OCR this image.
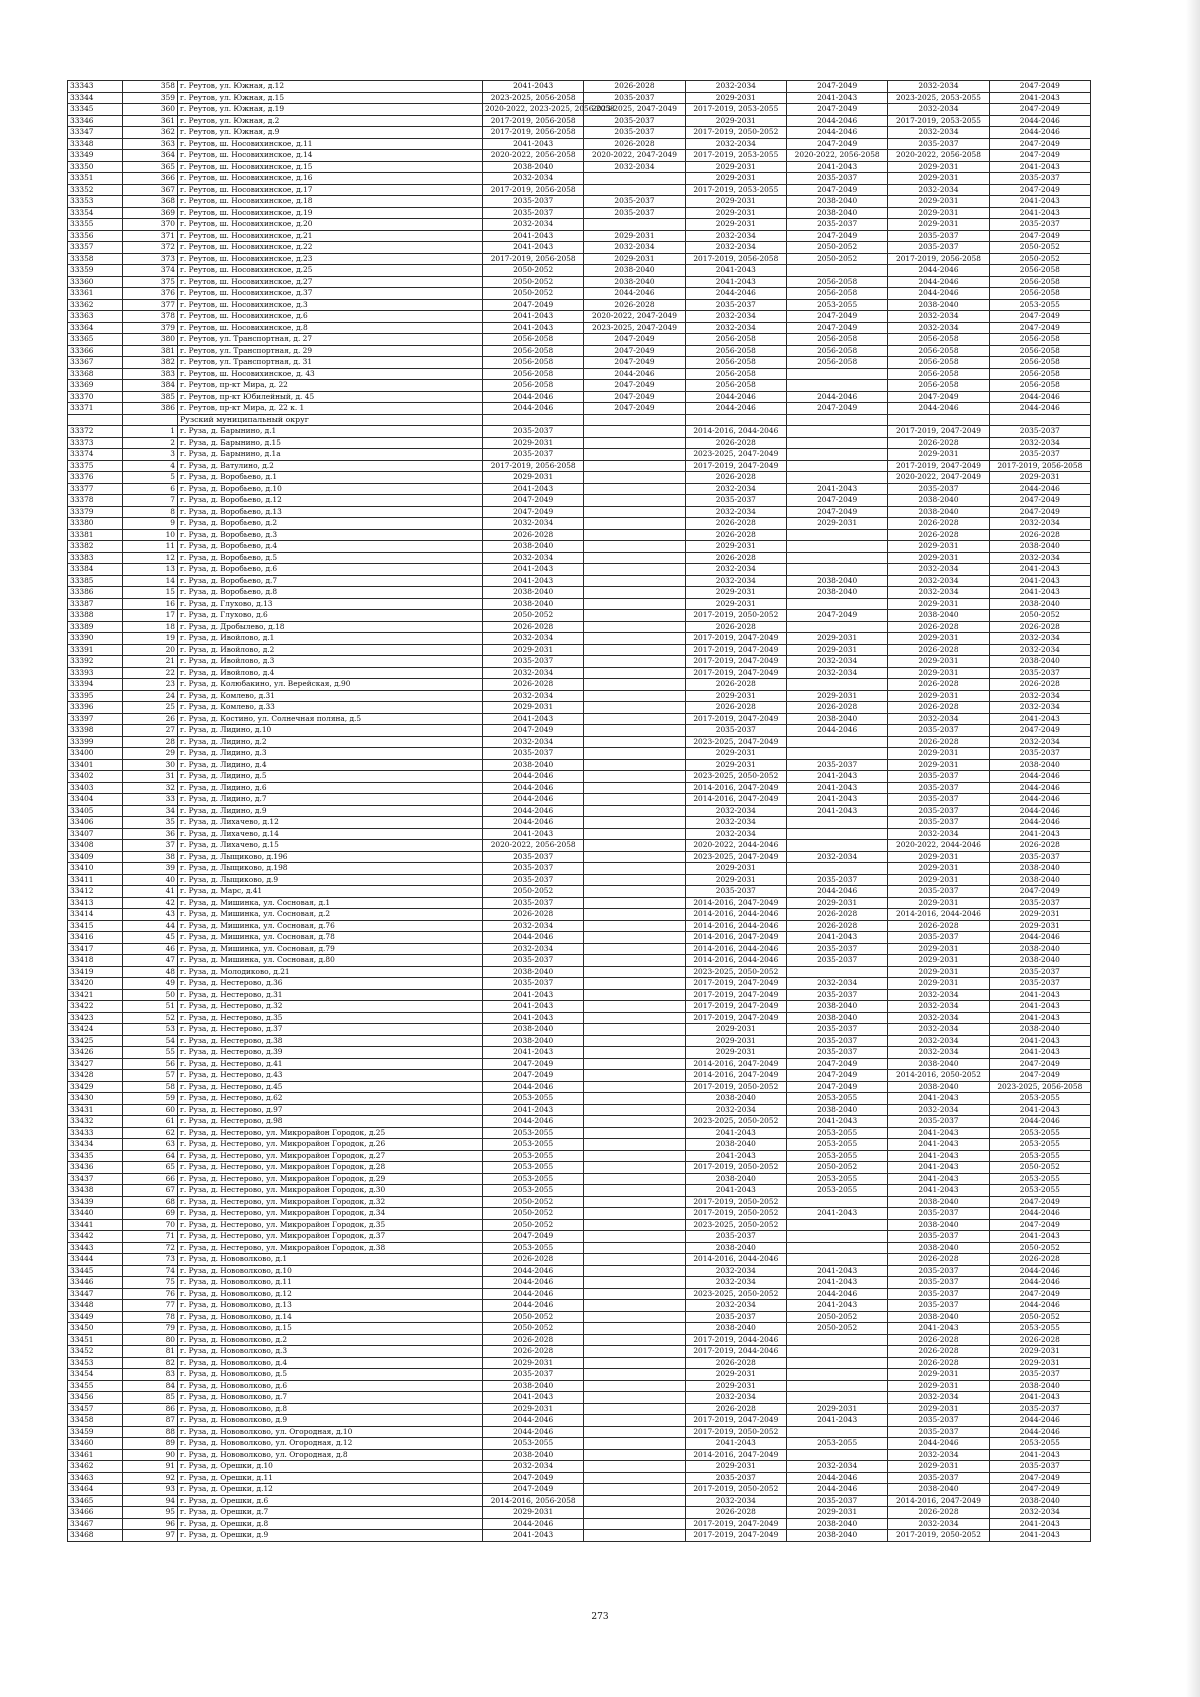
33343	358	г. Реутов, ул. Южная, д.12	2041-2043	2026-2028	2032-2034	2047-2049	2032-2034	2047-2049
33344	359	г. Реутов, ул. Южная, д.15	2023-2025, 2056-2058	2035-2037	2029-2031	2041-2043	2023-2025, 2053-2055	2041-2043
33345	360	г. Реутов, ул. Южная, д.19	2020-2022, 2023-2025, 2056-2058	2023-2025, 2047-2049	2017-2019, 2053-2055	2047-2049	2032-2034	2047-2049
33346	361	г. Реутов, ул. Южная, д.2	2017-2019, 2056-2058	2035-2037	2029-2031	2044-2046	2017-2019, 2053-2055	2044-2046
33347	362	г. Реутов, ул. Южная, д.9	2017-2019, 2056-2058	2035-2037	2017-2019, 2050-2052	2044-2046	2032-2034	2044-2046
33348	363	г. Реутов, ш. Носовихинское, д.11	2041-2043	2026-2028	2032-2034	2047-2049	2035-2037	2047-2049
33349	364	г. Реутов, ш. Носовихинское, д.14	2020-2022, 2056-2058	2020-2022, 2047-2049	2017-2019, 2053-2055	2020-2022, 2056-2058	2020-2022, 2056-2058	2047-2049
33350	365	г. Реутов, ш. Носовихинское, д.15	2038-2040	2032-2034	2029-2031	2041-2043	2029-2031	2041-2043
33351	366	г. Реутов, ш. Носовихинское, д.16	2032-2034		2029-2031	2035-2037	2029-2031	2035-2037
33352	367	г. Реутов, ш. Носовихинское, д.17	2017-2019, 2056-2058		2017-2019, 2053-2055	2047-2049	2032-2034	2047-2049
33353	368	г. Реутов, ш. Носовихинское, д.18	2035-2037	2035-2037	2029-2031	2038-2040	2029-2031	2041-2043
33354	369	г. Реутов, ш. Носовихинское, д.19	2035-2037	2035-2037	2029-2031	2038-2040	2029-2031	2041-2043
33355	370	г. Реутов, ш. Носовихинское, д.20	2032-2034		2029-2031	2035-2037	2029-2031	2035-2037
33356	371	г. Реутов, ш. Носовихинское, д.21	2041-2043	2029-2031	2032-2034	2047-2049	2035-2037	2047-2049
33357	372	г. Реутов, ш. Носовихинское, д.22	2041-2043	2032-2034	2032-2034	2050-2052	2035-2037	2050-2052
33358	373	г. Реутов, ш. Носовихинское, д.23	2017-2019, 2056-2058	2029-2031	2017-2019, 2056-2058	2050-2052	2017-2019, 2056-2058	2050-2052
33359	374	г. Реутов, ш. Носовихинское, д.25	2050-2052	2038-2040	2041-2043		2044-2046	2056-2058
33360	375	г. Реутов, ш. Носовихинское, д.27	2050-2052	2038-2040	2041-2043	2056-2058	2044-2046	2056-2058
33361	376	г. Реутов, ш. Носовихинское, д.37	2050-2052	2044-2046	2044-2046	2056-2058	2044-2046	2056-2058
33362	377	г. Реутов, ш. Носовихинское, д.3	2047-2049	2026-2028	2035-2037	2053-2055	2038-2040	2053-2055
33363	378	г. Реутов, ш. Носовихинское, д.6	2041-2043	2020-2022, 2047-2049	2032-2034	2047-2049	2032-2034	2047-2049
33364	379	г. Реутов, ш. Носовихинское, д.8	2041-2043	2023-2025, 2047-2049	2032-2034	2047-2049	2032-2034	2047-2049
33365	380	г. Реутов, ул. Транспортная, д. 27	2056-2058	2047-2049	2056-2058	2056-2058	2056-2058	2056-2058
33366	381	г. Реутов, ул. Транспортная, д. 29	2056-2058	2047-2049	2056-2058	2056-2058	2056-2058	2056-2058
33367	382	г. Реутов, ул. Транспортная, д. 31	2056-2058	2047-2049	2056-2058	2056-2058	2056-2058	2056-2058
33368	383	г. Реутов, ш. Носовихинское, д. 43	2056-2058	2044-2046	2056-2058		2056-2058	2056-2058
33369	384	г. Реутов, пр-кт Мира, д. 22	2056-2058	2047-2049	2056-2058		2056-2058	2056-2058
33370	385	г. Реутов, пр-кт Юбилейный, д. 45	2044-2046	2047-2049	2044-2046	2044-2046	2047-2049	2044-2046
33371	386	г. Реутов, пр-кт Мира, д. 22 к. 1	2044-2046	2047-2049	2044-2046	2047-2049	2044-2046	2044-2046
		Рузский муниципальный округ						
33372	1	г. Руза, д. Барынино, д.1	2035-2037		2014-2016, 2044-2046		2017-2019, 2047-2049	2035-2037
33373	2	г. Руза, д. Барынино, д.15	2029-2031		2026-2028		2026-2028	2032-2034
33374	3	г. Руза, д. Барынино, д.1а	2035-2037		2023-2025, 2047-2049		2029-2031	2035-2037
33375	4	г. Руза, д. Ватулино, д.2	2017-2019, 2056-2058		2017-2019, 2047-2049		2017-2019, 2047-2049	2017-2019, 2056-2058
33376	5	г. Руза, д. Воробьево, д.1	2029-2031		2026-2028		2020-2022, 2047-2049	2029-2031
33377	6	г. Руза, д. Воробьево, д.10	2041-2043		2032-2034	2041-2043	2035-2037	2044-2046
33378	7	г. Руза, д. Воробьево, д.12	2047-2049		2035-2037	2047-2049	2038-2040	2047-2049
33379	8	г. Руза, д. Воробьево, д.13	2047-2049		2032-2034	2047-2049	2038-2040	2047-2049
33380	9	г. Руза, д. Воробьево, д.2	2032-2034		2026-2028	2029-2031	2026-2028	2032-2034
33381	10	г. Руза, д. Воробьево, д.3	2026-2028		2026-2028		2026-2028	2026-2028
33382	11	г. Руза, д. Воробьево, д.4	2038-2040		2029-2031		2029-2031	2038-2040
33383	12	г. Руза, д. Воробьево, д.5	2032-2034		2026-2028		2029-2031	2032-2034
33384	13	г. Руза, д. Воробьево, д.6	2041-2043		2032-2034		2032-2034	2041-2043
33385	14	г. Руза, д. Воробьево, д.7	2041-2043		2032-2034	2038-2040	2032-2034	2041-2043
33386	15	г. Руза, д. Воробьево, д.8	2038-2040		2029-2031	2038-2040	2032-2034	2041-2043
33387	16	г. Руза, д. Глухово, д.13	2038-2040		2029-2031		2029-2031	2038-2040
33388	17	г. Руза, д. Глухово, д.6	2050-2052		2017-2019, 2050-2052	2047-2049	2038-2040	2050-2052
33389	18	г. Руза, д. Дробылево, д.18	2026-2028		2026-2028		2026-2028	2026-2028
33390	19	г. Руза, д. Ивойлово, д.1	2032-2034		2017-2019, 2047-2049	2029-2031	2029-2031	2032-2034
33391	20	г. Руза, д. Ивойлово, д.2	2029-2031		2017-2019, 2047-2049	2029-2031	2026-2028	2032-2034
33392	21	г. Руза, д. Ивойлово, д.3	2035-2037		2017-2019, 2047-2049	2032-2034	2029-2031	2038-2040
33393	22	г. Руза, д. Ивойлово, д.4	2032-2034		2017-2019, 2047-2049	2032-2034	2029-2031	2035-2037
33394	23	г. Руза, д. Колюбакино, ул. Верейская, д.90	2026-2028		2026-2028		2026-2028	2026-2028
33395	24	г. Руза, д. Комлево, д.31	2032-2034		2029-2031	2029-2031	2029-2031	2032-2034
33396	25	г. Руза, д. Комлево, д.33	2029-2031		2026-2028	2026-2028	2026-2028	2032-2034
33397	26	г. Руза, д. Костино, ул. Солнечная поляна, д.5	2041-2043		2017-2019, 2047-2049	2038-2040	2032-2034	2041-2043
33398	27	г. Руза, д. Лидино, д.10	2047-2049		2035-2037	2044-2046	2035-2037	2047-2049
33399	28	г. Руза, д. Лидино, д.2	2032-2034		2023-2025, 2047-2049		2026-2028	2032-2034
33400	29	г. Руза, д. Лидино, д.3	2035-2037		2029-2031		2029-2031	2035-2037
33401	30	г. Руза, д. Лидино, д.4	2038-2040		2029-2031	2035-2037	2029-2031	2038-2040
33402	31	г. Руза, д. Лидино, д.5	2044-2046		2023-2025, 2050-2052	2041-2043	2035-2037	2044-2046
33403	32	г. Руза, д. Лидино, д.6	2044-2046		2014-2016, 2047-2049	2041-2043	2035-2037	2044-2046
33404	33	г. Руза, д. Лидино, д.7	2044-2046		2014-2016, 2047-2049	2041-2043	2035-2037	2044-2046
33405	34	г. Руза, д. Лидино, д.9	2044-2046		2032-2034	2041-2043	2035-2037	2044-2046
33406	35	г. Руза, д. Лихачево, д.12	2044-2046		2032-2034		2035-2037	2044-2046
33407	36	г. Руза, д. Лихачево, д.14	2041-2043		2032-2034		2032-2034	2041-2043
33408	37	г. Руза, д. Лихачево, д.15	2020-2022, 2056-2058		2020-2022, 2044-2046		2020-2022, 2044-2046	2026-2028
33409	38	г. Руза, д. Лыщиково, д.196	2035-2037		2023-2025, 2047-2049	2032-2034	2029-2031	2035-2037
33410	39	г. Руза, д. Лыщиково, д.198	2035-2037		2029-2031		2029-2031	2038-2040
33411	40	г. Руза, д. Лыщиково, д.9	2035-2037		2029-2031	2035-2037	2029-2031	2038-2040
33412	41	г. Руза, д. Марс, д.41	2050-2052		2035-2037	2044-2046	2035-2037	2047-2049
33413	42	г. Руза, д. Мишинка, ул. Сосновая, д.1	2035-2037		2014-2016, 2047-2049	2029-2031	2029-2031	2035-2037
33414	43	г. Руза, д. Мишинка, ул. Сосновая, д.2	2026-2028		2014-2016, 2044-2046	2026-2028	2014-2016, 2044-2046	2029-2031
33415	44	г. Руза, д. Мишинка, ул. Сосновая, д.76	2032-2034		2014-2016, 2044-2046	2026-2028	2026-2028	2029-2031
33416	45	г. Руза, д. Мишинка, ул. Сосновая, д.78	2044-2046		2014-2016, 2047-2049	2041-2043	2035-2037	2044-2046
33417	46	г. Руза, д. Мишинка, ул. Сосновая, д.79	2032-2034		2014-2016, 2044-2046	2035-2037	2029-2031	2038-2040
33418	47	г. Руза, д. Мишинка, ул. Сосновая, д.80	2035-2037		2014-2016, 2044-2046	2035-2037	2029-2031	2038-2040
33419	48	г. Руза, д. Молодиково, д.21	2038-2040		2023-2025, 2050-2052		2029-2031	2035-2037
33420	49	г. Руза, д. Нестерово, д.36	2035-2037		2017-2019, 2047-2049	2032-2034	2029-2031	2035-2037
33421	50	г. Руза, д. Нестерово, д.31	2041-2043		2017-2019, 2047-2049	2035-2037	2032-2034	2041-2043
33422	51	г. Руза, д. Нестерово, д.32	2041-2043		2017-2019, 2047-2049	2038-2040	2032-2034	2041-2043
33423	52	г. Руза, д. Нестерово, д.35	2041-2043		2017-2019, 2047-2049	2038-2040	2032-2034	2041-2043
33424	53	г. Руза, д. Нестерово, д.37	2038-2040		2029-2031	2035-2037	2032-2034	2038-2040
33425	54	г. Руза, д. Нестерово, д.38	2038-2040		2029-2031	2035-2037	2032-2034	2041-2043
33426	55	г. Руза, д. Нестерово, д.39	2041-2043		2029-2031	2035-2037	2032-2034	2041-2043
33427	56	г. Руза, д. Нестерово, д.41	2047-2049		2014-2016, 2047-2049	2047-2049	2038-2040	2047-2049
33428	57	г. Руза, д. Нестерово, д.43	2047-2049		2014-2016, 2047-2049	2047-2049	2014-2016, 2050-2052	2047-2049
33429	58	г. Руза, д. Нестерово, д.45	2044-2046		2017-2019, 2050-2052	2047-2049	2038-2040	2023-2025, 2056-2058
33430	59	г. Руза, д. Нестерово, д.62	2053-2055		2038-2040	2053-2055	2041-2043	2053-2055
33431	60	г. Руза, д. Нестерово, д.97	2041-2043		2032-2034	2038-2040	2032-2034	2041-2043
33432	61	г. Руза, д. Нестерово, д.98	2044-2046		2023-2025, 2050-2052	2041-2043	2035-2037	2044-2046
33433	62	г. Руза, д. Нестерово, ул. Микрорайон Городок, д.25	2053-2055		2041-2043	2053-2055	2041-2043	2053-2055
33434	63	г. Руза, д. Нестерово, ул. Микрорайон Городок, д.26	2053-2055		2038-2040	2053-2055	2041-2043	2053-2055
33435	64	г. Руза, д. Нестерово, ул. Микрорайон Городок, д.27	2053-2055		2041-2043	2053-2055	2041-2043	2053-2055
33436	65	г. Руза, д. Нестерово, ул. Микрорайон Городок, д.28	2053-2055		2017-2019, 2050-2052	2050-2052	2041-2043	2050-2052
33437	66	г. Руза, д. Нестерово, ул. Микрорайон Городок, д.29	2053-2055		2038-2040	2053-2055	2041-2043	2053-2055
33438	67	г. Руза, д. Нестерово, ул. Микрорайон Городок, д.30	2053-2055		2041-2043	2053-2055	2041-2043	2053-2055
33439	68	г. Руза, д. Нестерово, ул. Микрорайон Городок, д.32	2050-2052		2017-2019, 2050-2052		2038-2040	2047-2049
33440	69	г. Руза, д. Нестерово, ул. Микрорайон Городок, д.34	2050-2052		2017-2019, 2050-2052	2041-2043	2035-2037	2044-2046
33441	70	г. Руза, д. Нестерово, ул. Микрорайон Городок, д.35	2050-2052		2023-2025, 2050-2052		2038-2040	2047-2049
33442	71	г. Руза, д. Нестерово, ул. Микрорайон Городок, д.37	2047-2049		2035-2037		2035-2037	2041-2043
33443	72	г. Руза, д. Нестерово, ул. Микрорайон Городок, д.38	2053-2055		2038-2040		2038-2040	2050-2052
33444	73	г. Руза, д. Нововолково, д.1	2026-2028		2014-2016, 2044-2046		2026-2028	2026-2028
33445	74	г. Руза, д. Нововолково, д.10	2044-2046		2032-2034	2041-2043	2035-2037	2044-2046
33446	75	г. Руза, д. Нововолково, д.11	2044-2046		2032-2034	2041-2043	2035-2037	2044-2046
33447	76	г. Руза, д. Нововолково, д.12	2044-2046		2023-2025, 2050-2052	2044-2046	2035-2037	2047-2049
33448	77	г. Руза, д. Нововолково, д.13	2044-2046		2032-2034	2041-2043	2035-2037	2044-2046
33449	78	г. Руза, д. Нововолково, д.14	2050-2052		2035-2037	2050-2052	2038-2040	2050-2052
33450	79	г. Руза, д. Нововолково, д.15	2050-2052		2038-2040	2050-2052	2041-2043	2053-2055
33451	80	г. Руза, д. Нововолково, д.2	2026-2028		2017-2019, 2044-2046		2026-2028	2026-2028
33452	81	г. Руза, д. Нововолково, д.3	2026-2028		2017-2019, 2044-2046		2026-2028	2029-2031
33453	82	г. Руза, д. Нововолково, д.4	2029-2031		2026-2028		2026-2028	2029-2031
33454	83	г. Руза, д. Нововолково, д.5	2035-2037		2029-2031		2029-2031	2035-2037
33455	84	г. Руза, д. Нововолково, д.6	2038-2040		2029-2031		2029-2031	2038-2040
33456	85	г. Руза, д. Нововолково, д.7	2041-2043		2032-2034		2032-2034	2041-2043
33457	86	г. Руза, д. Нововолково, д.8	2029-2031		2026-2028	2029-2031	2029-2031	2035-2037
33458	87	г. Руза, д. Нововолково, д.9	2044-2046		2017-2019, 2047-2049	2041-2043	2035-2037	2044-2046
33459	88	г. Руза, д. Нововолково, ул. Огородная, д.10	2044-2046		2017-2019, 2050-2052		2035-2037	2044-2046
33460	89	г. Руза, д. Нововолково, ул. Огородная, д.12	2053-2055		2041-2043	2053-2055	2044-2046	2053-2055
33461	90	г. Руза, д. Нововолково, ул. Огородная, д.8	2038-2040		2014-2016, 2047-2049		2032-2034	2041-2043
33462	91	г. Руза, д. Орешки, д.10	2032-2034		2029-2031	2032-2034	2029-2031	2035-2037
33463	92	г. Руза, д. Орешки, д.11	2047-2049		2035-2037	2044-2046	2035-2037	2047-2049
33464	93	г. Руза, д. Орешки, д.12	2047-2049		2017-2019, 2050-2052	2044-2046	2038-2040	2047-2049
33465	94	г. Руза, д. Орешки, д.6	2014-2016, 2056-2058		2032-2034	2035-2037	2014-2016, 2047-2049	2038-2040
33466	95	г. Руза, д. Орешки, д.7	2029-2031		2026-2028	2029-2031	2026-2028	2032-2034
33467	96	г. Руза, д. Орешки, д.8	2044-2046		2017-2019, 2047-2049	2038-2040	2032-2034	2041-2043
33468	97	г. Руза, д. Орешки, д.9	2041-2043		2017-2019, 2047-2049	2038-2040	2017-2019, 2050-2052	2041-2043
273
